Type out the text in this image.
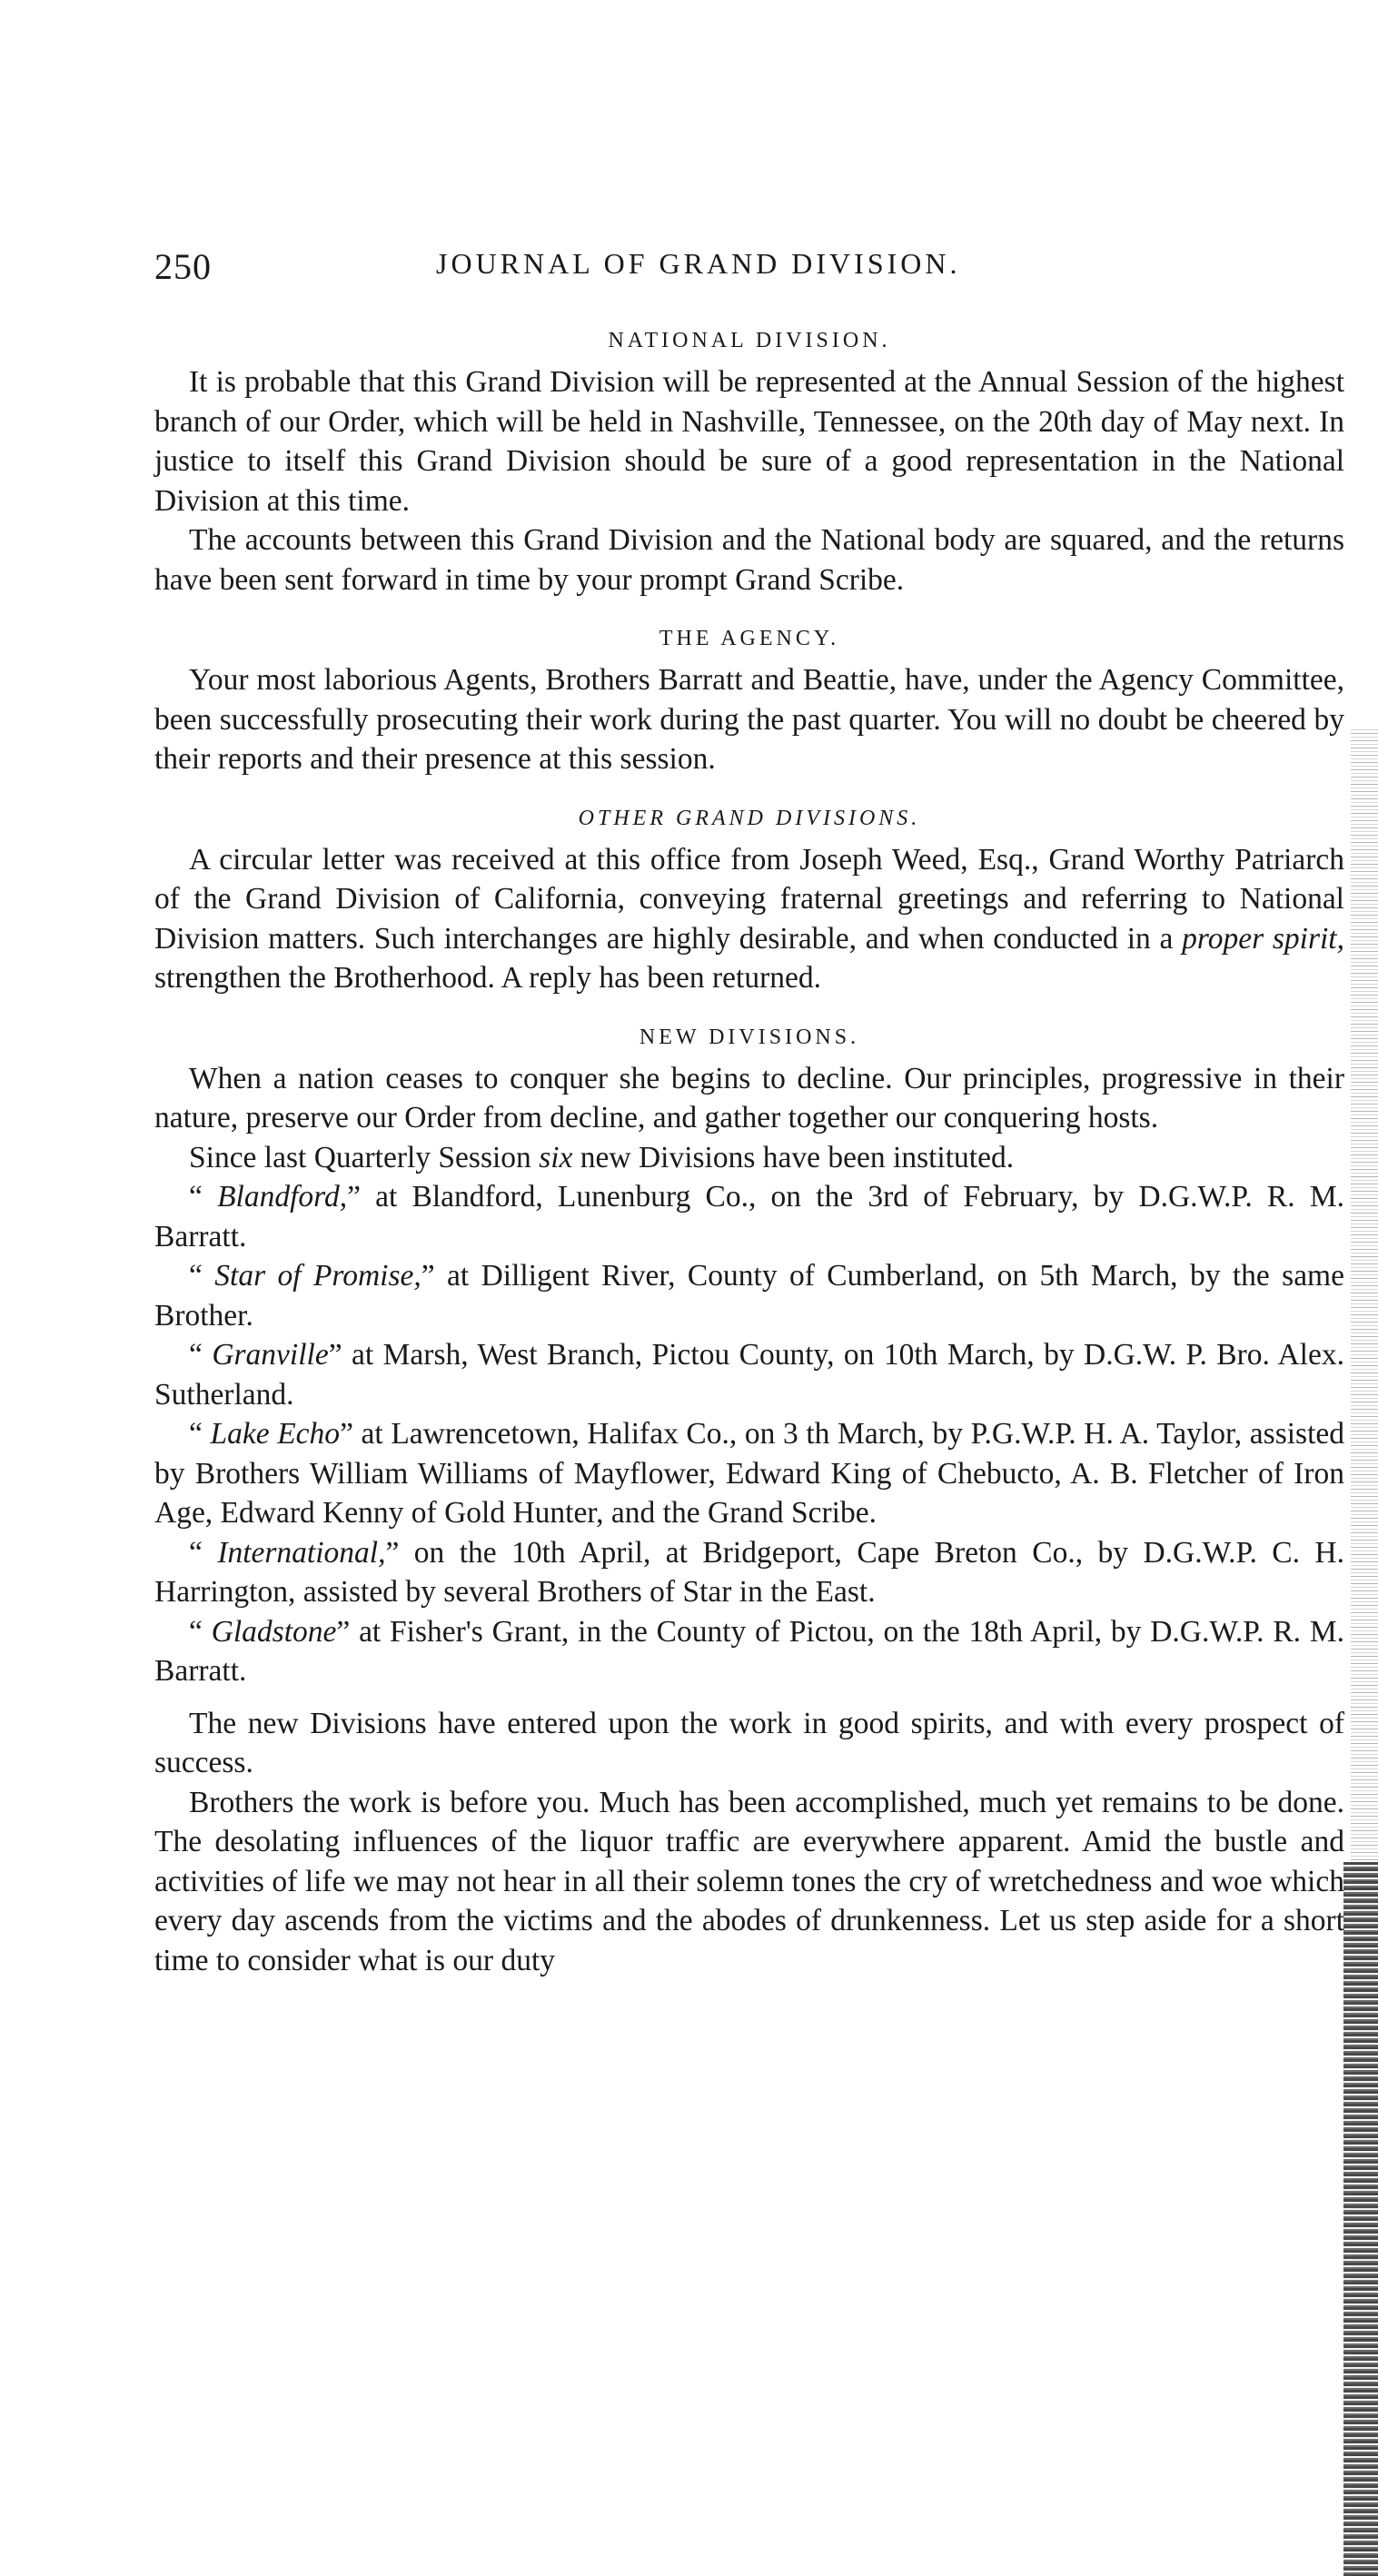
250	JOURNAL OF GRAND DIVISION.
NATIONAL DIVISION.

It is probable that this Grand Division will be represented at the Annual Session of the highest branch of our Order, which will be held in Nashville, Tennessee, on the 20th day of May next. In justice to itself this Grand Division should be sure of a good representation in the National Division at this time.

The accounts between this Grand Division and the National body are squared, and the returns have been sent forward in time by your prompt Grand Scribe.

THE AGENCY.

Your most laborious Agents, Brothers Barratt and Beattie, have, under the Agency Committee, been successfully prosecuting their work during the past quarter. You will no doubt be cheered by their reports and their presence at this session.

OTHER GRAND DIVISIONS.

A circular letter was received at this office from Joseph Weed, Esq., Grand Worthy Patriarch of the Grand Division of California, conveying fraternal greetings and referring to National Division matters. Such interchanges are highly desirable, and when conducted in a proper spirit, strengthen the Brotherhood. A reply has been returned.

NEW DIVISIONS.

When a nation ceases to conquer she begins to decline. Our principles, progressive in their nature, preserve our Order from decline, and gather together our conquering hosts.

Since last Quarterly Session six new Divisions have been instituted.

“ Blandford,” at Blandford, Lunenburg Co., on the 3rd of February, by D.G.W.P. R. M. Barratt.

“ Star of Promise,” at Dilligent River, County of Cumberland, on 5th March, by the same Brother.

“ Granville” at Marsh, West Branch, Pictou County, on 10th March, by D.G.W. P. Bro. Alex. Sutherland.

“ Lake Echo” at Lawrencetown, Halifax Co., on 3 th March, by P.G.W.P. H. A. Taylor, assisted by Brothers William Williams of Mayflower, Edward King of Chebucto, A. B. Fletcher of Iron Age, Edward Kenny of Gold Hunter, and the Grand Scribe.

“ International,” on the 10th April, at Bridgeport, Cape Breton Co., by D.G.W.P. C. H. Harrington, assisted by several Brothers of Star in the East.

“ Gladstone” at Fisher's Grant, in the County of Pictou, on the 18th April, by D.G.W.P. R. M. Barratt.

The new Divisions have entered upon the work in good spirits, and with every prospect of success.

Brothers the work is before you. Much has been accomplished, much yet remains to be done. The desolating influences of the liquor traffic are everywhere apparent. Amid the bustle and activities of life we may not hear in all their solemn tones the cry of wretchedness and woe which every day ascends from the victims and the abodes of drunkenness. Let us step aside for a short time to consider what is our duty
